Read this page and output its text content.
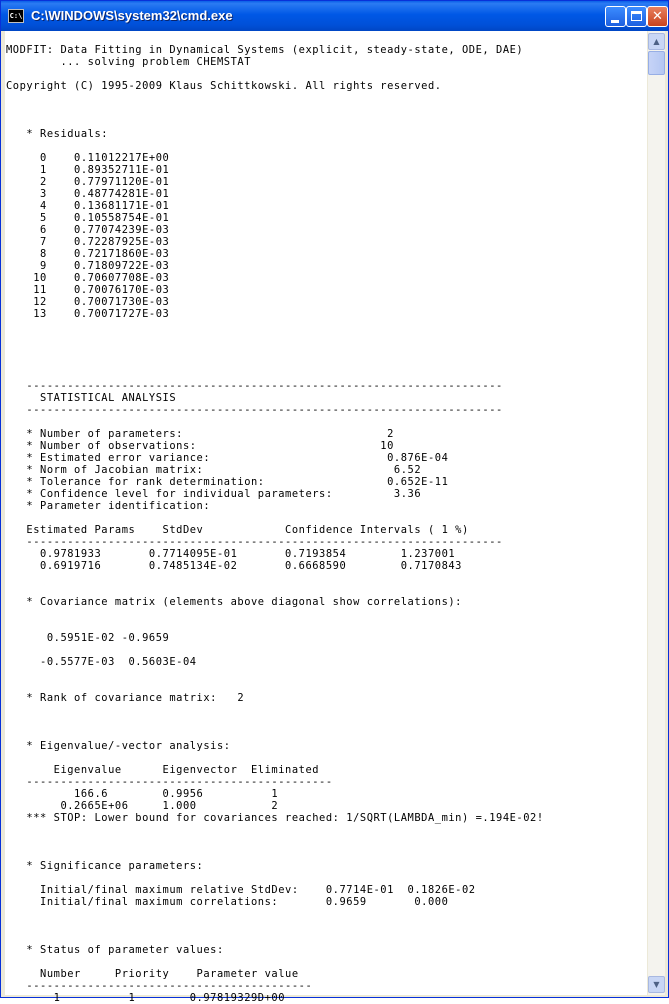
C:\ C:\WINDOWS\system32\cmd.exe	✕
MODFIT: Data Fitting in Dynamical Systems (explicit, steady-state, ODE, DAE)
... solving problem CHEMSTAT

Copyright (C) 1995-2009 Klaus Schittkowski. All rights reserved.

* Residuals:

0    0.11012217E+00
1    0.89352711E-01
2    0.77971120E-01
3    0.48774281E-01
4    0.13681171E-01
5    0.10558754E-01
6    0.77074239E-03
7    0.72287925E-03
8    0.72171860E-03
9    0.71809722E-03
10    0.70607708E-03
11    0.70076170E-03
12    0.70071730E-03
13    0.70071727E-03

----------------------------------------------------------------------
STATISTICAL ANALYSIS
----------------------------------------------------------------------

* Number of parameters:                              2
* Number of observations:                           10
* Estimated error variance:                          0.876E-04
* Norm of Jacobian matrix:                            6.52
* Tolerance for rank determination:                  0.652E-11
* Confidence level for individual parameters:         3.36
* Parameter identification:

Estimated Params    StdDev            Confidence Intervals ( 1 %)
----------------------------------------------------------------------
0.9781933       0.7714095E-01       0.7193854        1.237001
0.6919716       0.7485134E-02       0.6668590        0.7170843

* Covariance matrix (elements above diagonal show correlations):

0.5951E-02 -0.9659

-0.5577E-03  0.5603E-04

* Rank of covariance matrix:   2

* Eigenvalue/-vector analysis:

Eigenvalue      Eigenvector  Eliminated
---------------------------------------------
166.6        0.9956          1
0.2665E+06     1.000           2
*** STOP: Lower bound for covariances reached: 1/SQRT(LAMBDA_min) =.194E-02!

* Significance parameters:

Initial/final maximum relative StdDev:    0.7714E-01  0.1826E-02
Initial/final maximum correlations:       0.9659       0.000

* Status of parameter values:

Number     Priority    Parameter value
------------------------------------------
1          1        0.97819329D+00

▲
▼
